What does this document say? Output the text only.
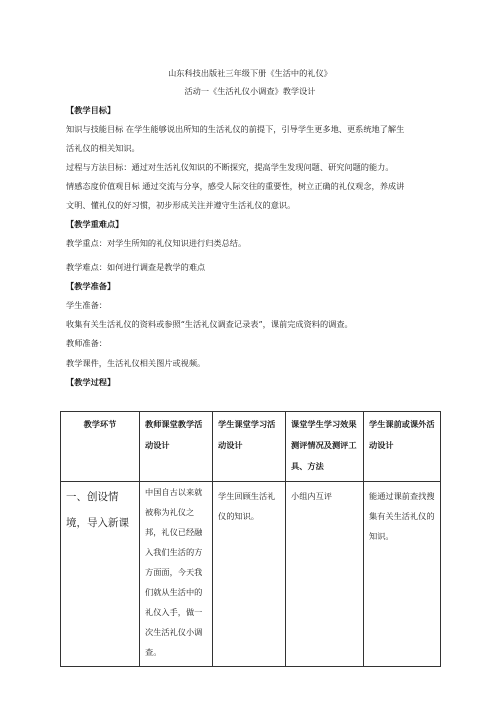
山东科技出版社三年级下册《生活中的礼仪》
活动一《生活礼仪小调查》教学设计
【教学目标】
知识与技能目标 在学生能够说出所知的生活礼仪的前提下，引导学生更多地、更系统地了解生
活礼仪的相关知识。
过程与方法目标：通过对生活礼仪知识的不断探究，提高学生发现问题、研究问题的能力。
情感态度价值观目标 通过交流与分享，感受人际交往的重要性，树立正确的礼仪观念，养成讲
文明、懂礼仪的好习惯，初步形成关注并遵守生活礼仪的意识。
【教学重难点】
教学重点：对学生所知的礼仪知识进行归类总结。
教学难点：如何进行调查是教学的难点
【教学准备】
学生准备：
收集有关生活礼仪的资料或参照“生活礼仪调查记录表”，课前完成资料的调查。
教师准备：
教学课件，生活礼仪相关图片或视频。
【教学过程】
教学环节	教师课堂教学活动设计	学生课堂学习活动设计	课堂学生学习效果测评情况及测评工具、方法	学生课前或课外活动设计
一、创设情境，导入新课	中国自古以来就被称为礼仪之邦，礼仪已经融入我们生活的方方面面，今天我们就从生活中的礼仪入手，做一次生活礼仪小调查。	学生回顾生活礼仪的知识。	小组内互评	能通过课前查找搜集有关生活礼仪的知识。
